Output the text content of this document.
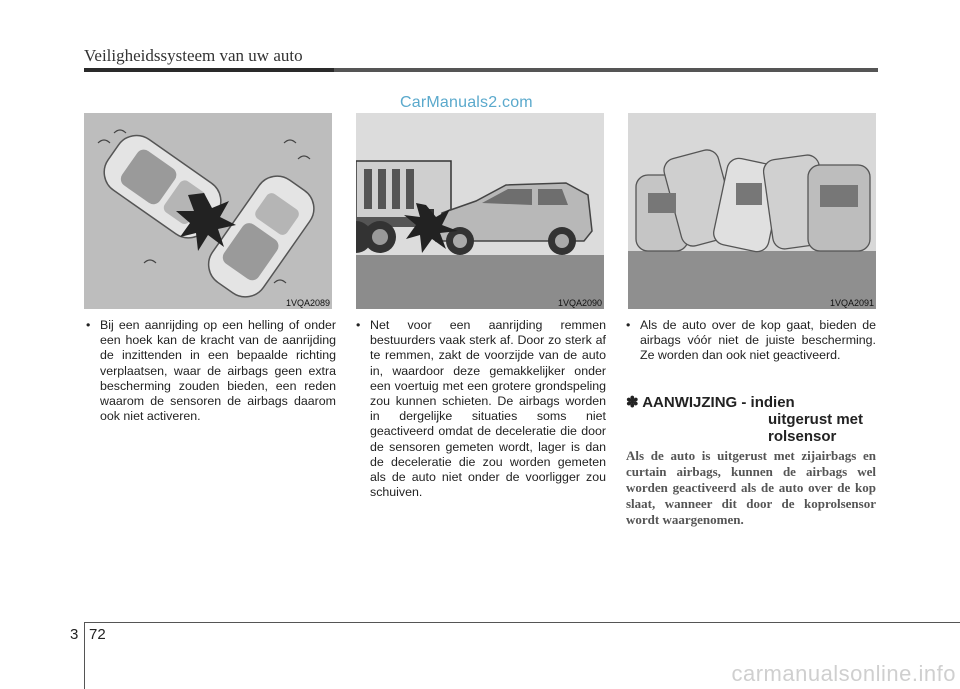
Veiligheidssysteem van uw auto
CarManuals2.com
1VQA2089	1VQA2090	1VQA2091
• Bij een aanrijding op een helling of onder een hoek kan de kracht van de aanrijding de inzittenden in een bepaalde richting verplaatsen, waar de airbags geen extra bescherming zouden bieden, een reden waarom de sensoren de airbags daarom ook niet activeren.
• Net voor een aanrijding remmen bestuurders vaak sterk af. Door zo sterk af te remmen, zakt de voorzijde van de auto in, waardoor deze gemakkelijker onder een voertuig met een grotere grondspeling zou kunnen schieten. De airbags worden in dergelijke situaties soms niet geactiveerd omdat de deceleratie die door de sensoren gemeten wordt, lager is dan de deceleratie die zou worden gemeten als de auto niet onder de voorligger zou schuiven.
• Als de auto over de kop gaat, bieden de airbags vóór niet de juiste bescherming. Ze worden dan ook niet geactiveerd.
✽ AANWIJZING - indien
uitgerust met
rolsensor
Als de auto is uitgerust met zijairbags en curtain airbags, kunnen de airbags wel worden geactiveerd als de auto over de kop slaat, wanneer dit door de koprolsensor wordt waargenomen.
3 72
carmanualsonline.info
